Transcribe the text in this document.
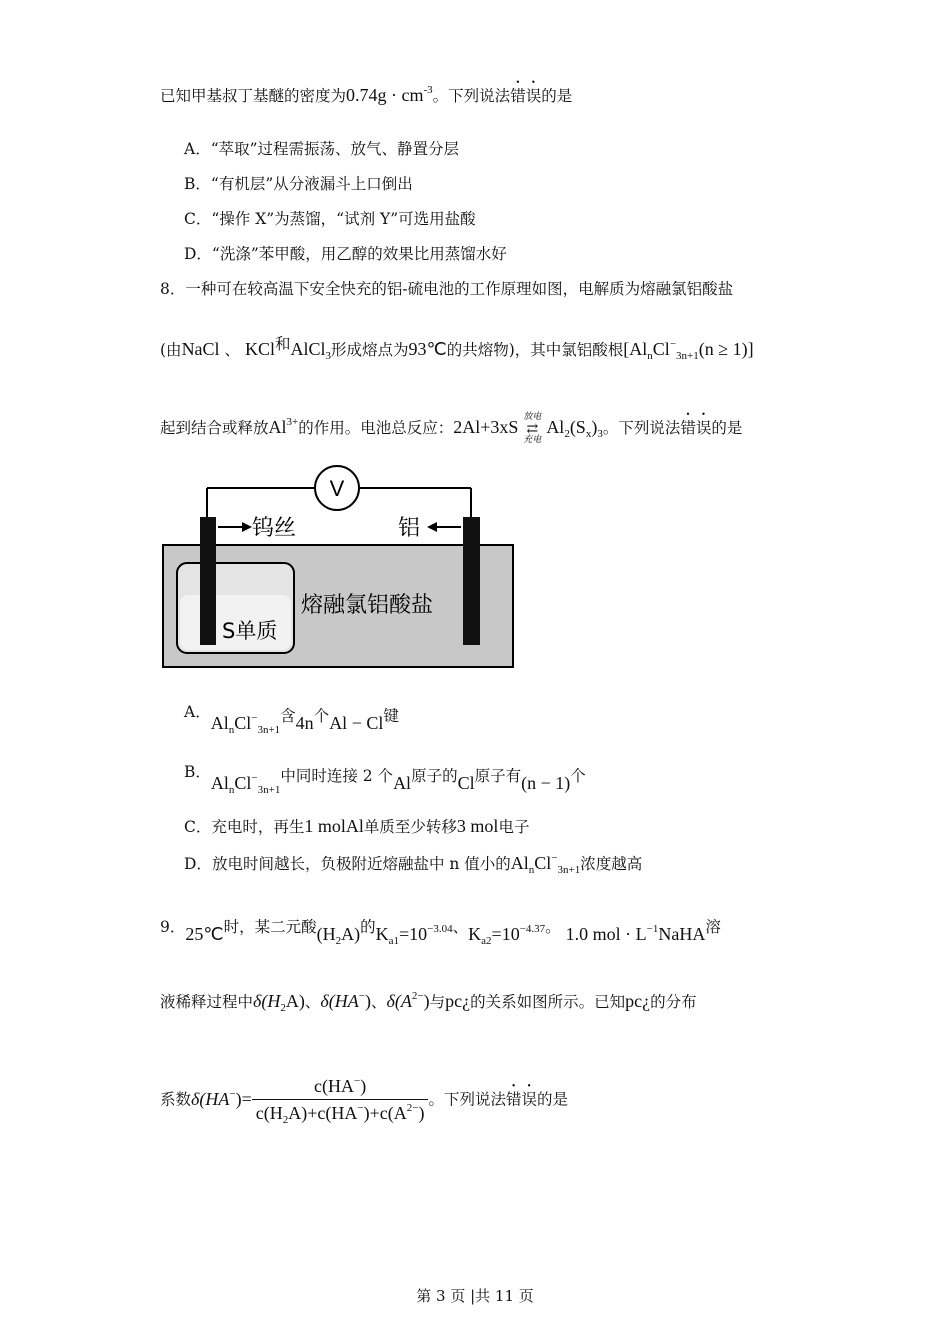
已知甲基叔丁基醚的密度为$0.74g \cdot cm^{-3}$。下列说法错误的是
A．“萃取”过程需振荡、放气、静置分层
B．“有机层”从分液漏斗上口倒出
C．“操作 X”为蒸馏，“试剂 Y”可选用盐酸
D．“洗涤”苯甲酸，用乙醇的效果比用蒸馏水好
8．一种可在较高温下安全快充的铝-硫电池的工作原理如图，电解质为熔融氯铝酸盐
(由NaCl 、 KCl和AlCl$_3$形成熔点为93℃的共熔物)，其中氯铝酸根$[Al_nCl^-_{3n+1}(n \ge 1)]$
起到结合或释放$Al^{3+}$的作用。电池总反应：2Al+3xS 放电
⇄
充电
$Al_2(S_x)_3$。下列说法错误的是
V
钨丝	铝
S单质
熔融氯铝酸盐
A．$Al_nCl^-_{3n+1}$含4n个Al − Cl键
B．$Al_nCl^-_{3n+1}$中同时连接 2 个Al原子的Cl原子有(n − 1)个
C．充电时，再生1 molAl单质至少转移3 mol电子
D．放电时间越长，负极附近熔融盐中 n 值小的$Al_nCl^-_{3n+1}$浓度越高
9．25℃时，某二元酸$(H_2A)$的$K_{a1}=10^{-3.04}$、$K_{a2}=10^{-4.37}$。 1.0 mol · $L^{-1}NaHA$溶
液稀释过程中$\delta(H_2A)$、δ(HA−)、$\delta(A^{2-})$与pc¿的关系如图所示。已知pc¿的分布
系数$\delta(HA^-)= \frac{c(HA^-)}{c(H_2A)+c(HA^-)+c(A^{2-})}$ 。下列说法错误的是
第 3 页 |共 11 页
